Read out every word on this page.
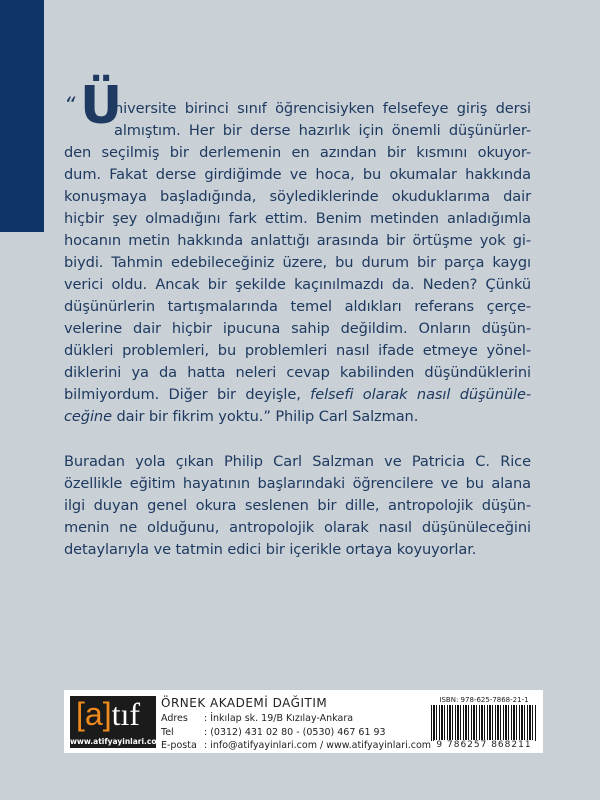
“ Ü
niversite birinci sınıf öğrencisiyken felsefeye giriş dersi
almıştım. Her bir derse hazırlık için önemli düşünürler-
den seçilmiş bir derlemenin en azından bir kısmını okuyor-
dum. Fakat derse girdiğimde ve hoca, bu okumalar hakkında
konuşmaya başladığında, söylediklerinde okuduklarıma dair
hiçbir şey olmadığını fark ettim. Benim metinden anladığımla
hocanın metin hakkında anlattığı arasında bir örtüşme yok gi-
biydi. Tahmin edebileceğiniz üzere, bu durum bir parça kaygı
verici oldu. Ancak bir şekilde kaçınılmazdı da. Neden? Çünkü
düşünürlerin tartışmalarında temel aldıkları referans çerçe-
velerine dair hiçbir ipucuna sahip değildim. Onların düşün-
dükleri problemleri, bu problemleri nasıl ifade etmeye yönel-
diklerini ya da hatta neleri cevap kabilinden düşündüklerini
bilmiyordum. Diğer bir deyişle, felsefi olarak nasıl düşünüle-
ceğine dair bir fikrim yoktu.” Philip Carl Salzman.
Buradan yola çıkan Philip Carl Salzman ve Patricia C. Rice
özellikle eğitim hayatının başlarındaki öğrencilere ve bu alana
ilgi duyan genel okura seslenen bir dille, antropolojik düşün-
menin ne olduğunu, antropolojik olarak nasıl düşünüleceğini
detaylarıyla ve tatmin edici bir içerikle ortaya koyuyorlar.
[a]tıf
www.atifyayinlari.com
ÖRNEK AKADEMİ DAĞITIM
Adres	: İnkılap sk. 19/B Kızılay-Ankara
Tel	: (0312) 431 02 80 - (0530) 467 61 93
E-posta : info@atifyayinlari.com / www.atifyayinlari.com
ISBN: 978-625-7868-21-1
9 786257 868211
